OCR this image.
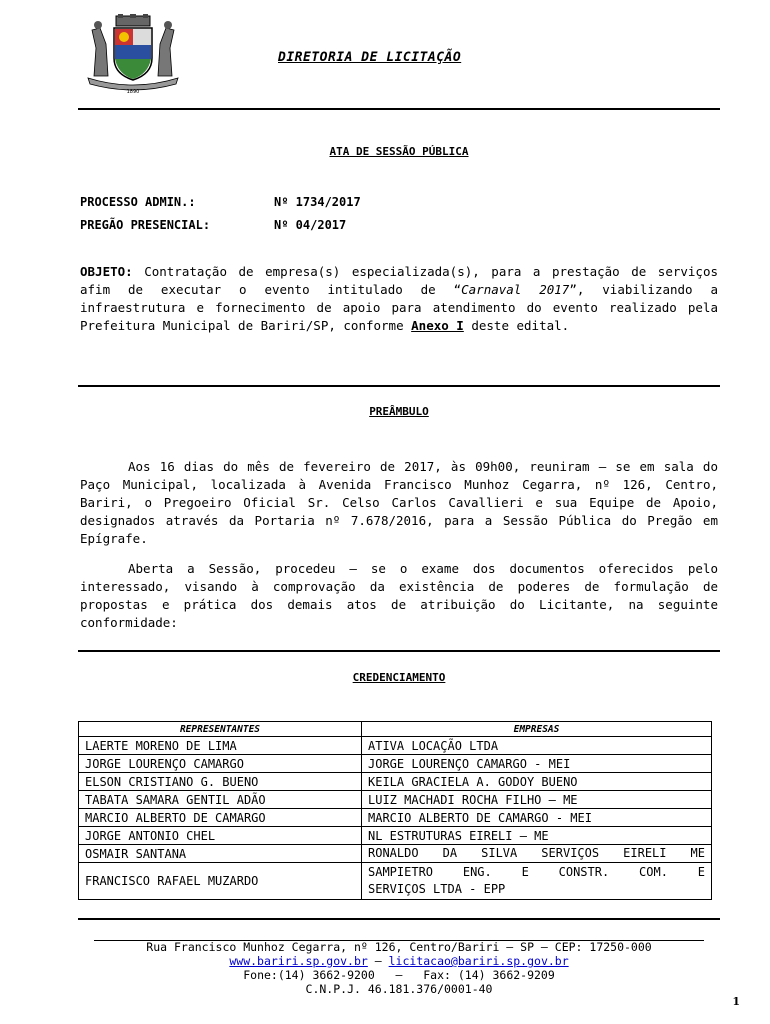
1890
DIRETORIA DE LICITAÇÃO
ATA DE SESSÃO PÚBLICA
PROCESSO ADMIN.:	Nº 1734/2017
PREGÃO PRESENCIAL:	Nº 04/2017
OBJETO: Contratação de empresa(s) especializada(s), para a prestação de serviços afim de executar o evento intitulado de “Carnaval 2017”, viabilizando a infraestrutura e fornecimento de apoio para atendimento do evento realizado pela Prefeitura Municipal de Bariri/SP, conforme Anexo I deste edital.
PREÂMBULO
Aos 16 dias do mês de fevereiro de 2017, às 09h00, reuniram – se em sala do Paço Municipal, localizada à Avenida Francisco Munhoz Cegarra, nº 126, Centro, Bariri, o Pregoeiro Oficial Sr. Celso Carlos Cavallieri e sua Equipe de Apoio, designados através da Portaria nº 7.678/2016, para a Sessão Pública do Pregão em Epígrafe.
Aberta a Sessão, procedeu – se o exame dos documentos oferecidos pelo interessado, visando à comprovação da existência de poderes de formulação de propostas e prática dos demais atos de atribuição do Licitante, na seguinte conformidade:
CREDENCIAMENTO
REPRESENTANTES	EMPRESAS
LAERTE MORENO DE LIMA	ATIVA LOCAÇÃO LTDA
JORGE LOURENÇO CAMARGO	JORGE LOURENÇO CAMARGO - MEI
ELSON CRISTIANO G. BUENO	KEILA GRACIELA A. GODOY BUENO
TABATA SAMARA GENTIL ADÃO	LUIZ MACHADI ROCHA FILHO – ME
MARCIO ALBERTO DE CAMARGO	MARCIO ALBERTO DE CAMARGO - MEI
JORGE ANTONIO CHEL	NL ESTRUTURAS EIRELI – ME
OSMAIR SANTANA	RONALDO DA SILVA SERVIÇOS EIRELI ME
FRANCISCO RAFAEL MUZARDO	SAMPIETRO ENG. E CONSTR. COM. E
SERVIÇOS LTDA - EPP
Rua Francisco Munhoz Cegarra, nº 126, Centro/Bariri – SP – CEP: 17250-000
www.bariri.sp.gov.br – licitacao@bariri.sp.gov.br
Fone:(14) 3662-9200   –   Fax: (14) 3662-9209
C.N.P.J. 46.181.376/0001-40
1
